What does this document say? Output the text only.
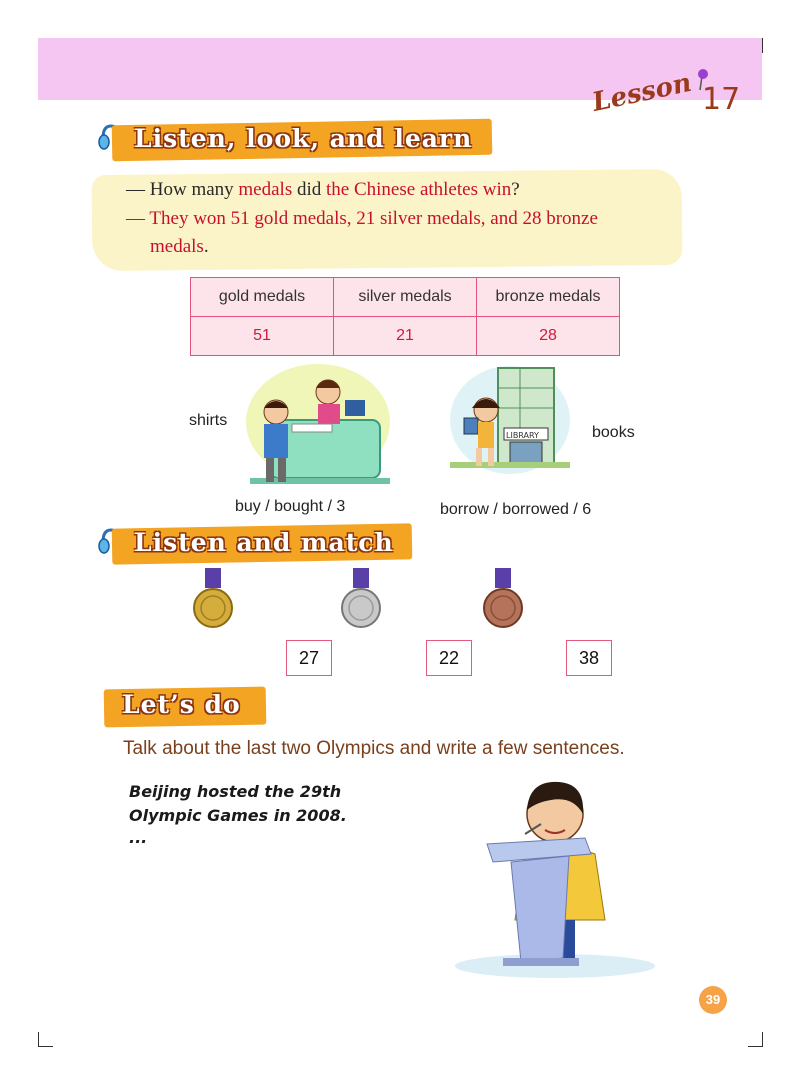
Lesson 17
Listen, look, and learn
— How many medals did the Chinese athletes win?
— They won 51 gold medals, 21 silver medals, and 28 bronze
medals.
gold medals	silver medals	bronze medals
51	21	28
shirts
buy / bought / 3
LIBRARY	books
borrow / borrowed / 6
Listen and match
27	22	38
Let’s do
Talk about the last two Olympics and write a few sentences.
Beijing hosted the 29th
Olympic Games in 2008.
...
39
